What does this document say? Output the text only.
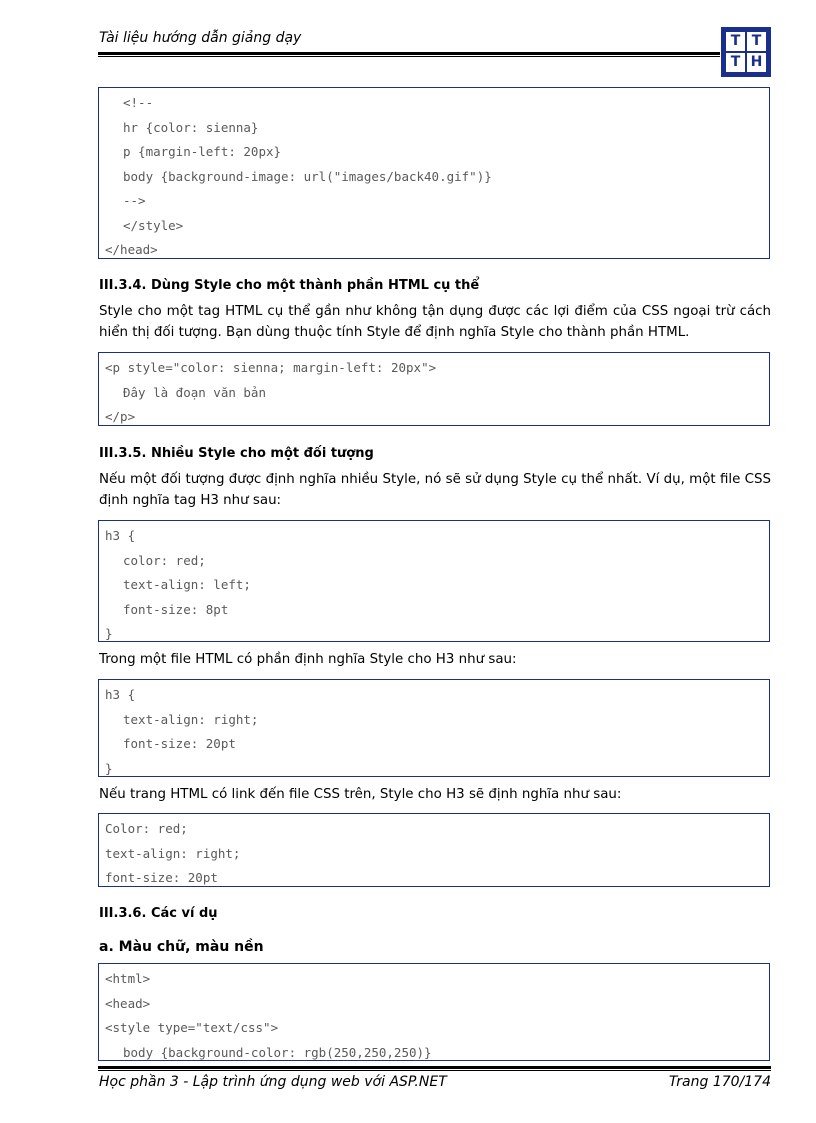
Tài liệu hướng dẫn giảng dạy	T T
T H
<!--
hr {color: sienna}
p {margin-left: 20px}
body {background-image: url("images/back40.gif")}
-->
</style>
</head>
III.3.4. Dùng Style cho một thành phần HTML cụ thể
Style cho một tag HTML cụ thể gần như không tận dụng được các lợi điểm của CSS ngoại trừ cách hiển thị đối tượng. Bạn dùng thuộc tính Style để định nghĩa Style cho thành phần HTML.
<p style="color: sienna; margin-left: 20px">
Đây là đoạn văn bản
</p>
III.3.5. Nhiều Style cho một đối tượng
Nếu một đối tượng được định nghĩa nhiều Style, nó sẽ sử dụng Style cụ thể nhất. Ví dụ, một file CSS định nghĩa tag H3 như sau:
h3 {
color: red;
text-align: left;
font-size: 8pt
}
Trong một file HTML có phần định nghĩa Style cho H3 như sau:
h3 {
text-align: right;
font-size: 20pt
}
Nếu trang HTML có link đến file CSS trên, Style cho H3 sẽ định nghĩa như sau:
Color: red;
text-align: right;
font-size: 20pt
III.3.6. Các ví dụ
a. Màu chữ, màu nền
<html>
<head>
<style type="text/css">
body {background-color: rgb(250,250,250)}
Học phần 3 - Lập trình ứng dụng web với ASP.NET	Trang 170/174
